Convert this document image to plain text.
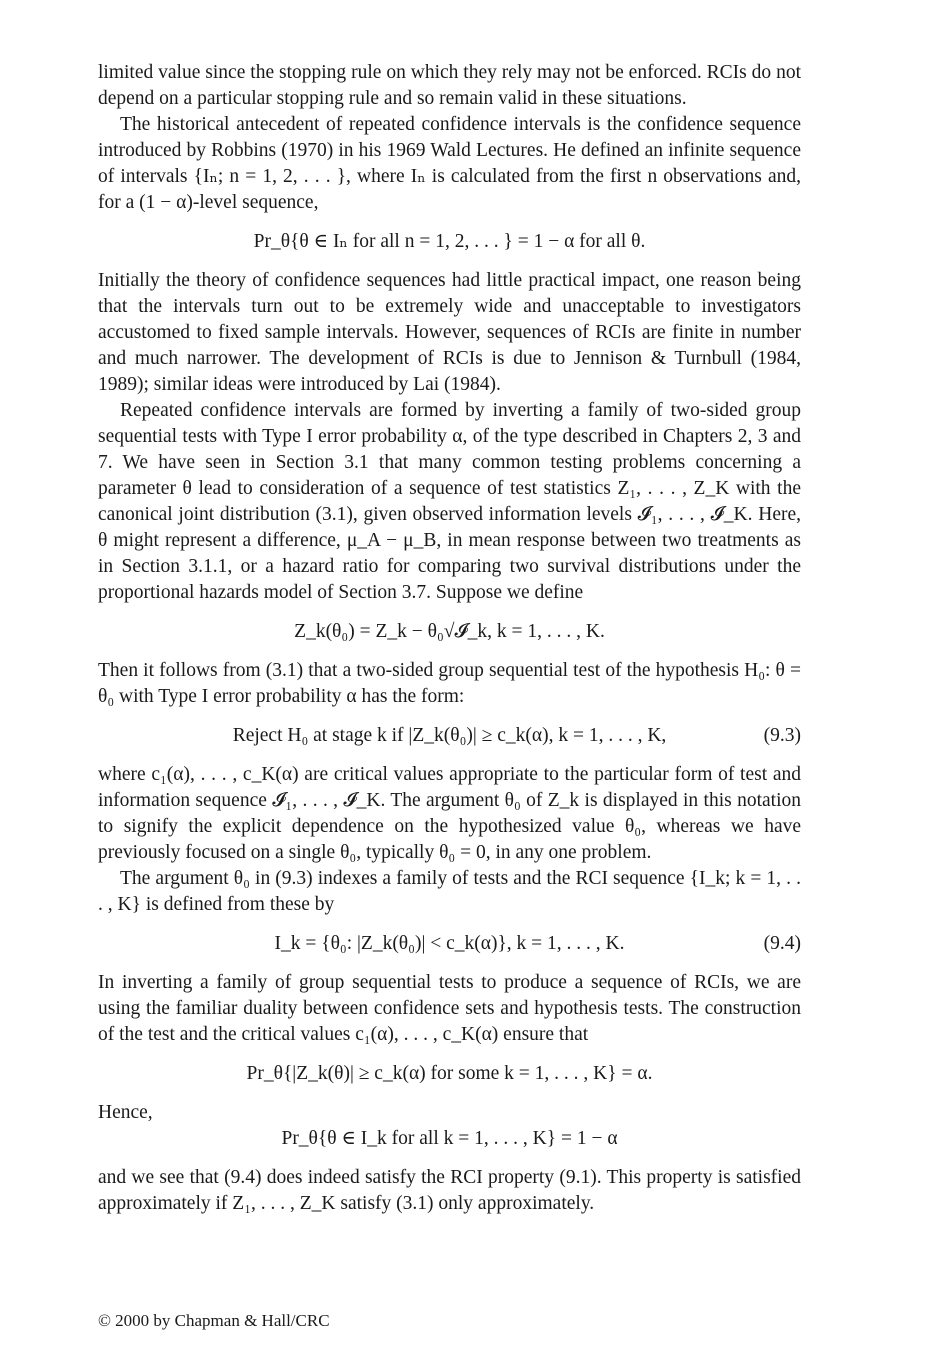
limited value since the stopping rule on which they rely may not be enforced. RCIs do not depend on a particular stopping rule and so remain valid in these situations.

The historical antecedent of repeated confidence intervals is the confidence sequence introduced by Robbins (1970) in his 1969 Wald Lectures. He defined an infinite sequence of intervals {Iₙ; n = 1, 2, . . . }, where Iₙ is calculated from the first n observations and, for a (1 − α)-level sequence,

Pr_θ{θ ∈ Iₙ for all n = 1, 2, . . . } = 1 − α for all θ.

Initially the theory of confidence sequences had little practical impact, one reason being that the intervals turn out to be extremely wide and unacceptable to investigators accustomed to fixed sample intervals. However, sequences of RCIs are finite in number and much narrower. The development of RCIs is due to Jennison & Turnbull (1984, 1989); similar ideas were introduced by Lai (1984).

Repeated confidence intervals are formed by inverting a family of two-sided group sequential tests with Type I error probability α, of the type described in Chapters 2, 3 and 7. We have seen in Section 3.1 that many common testing problems concerning a parameter θ lead to consideration of a sequence of test statistics Z₁, . . . , Z_K with the canonical joint distribution (3.1), given observed information levels 𝓘₁, . . . , 𝓘_K. Here, θ might represent a difference, μ_A − μ_B, in mean response between two treatments as in Section 3.1.1, or a hazard ratio for comparing two survival distributions under the proportional hazards model of Section 3.7. Suppose we define

Z_k(θ₀) = Z_k − θ₀√𝓘_k, k = 1, . . . , K.

Then it follows from (3.1) that a two-sided group sequential test of the hypothesis H₀: θ = θ₀ with Type I error probability α has the form:

Reject H₀ at stage k if |Z_k(θ₀)| ≥ c_k(α), k = 1, . . . , K,	(9.3)

where c₁(α), . . . , c_K(α) are critical values appropriate to the particular form of test and information sequence 𝓘₁, . . . , 𝓘_K. The argument θ₀ of Z_k is displayed in this notation to signify the explicit dependence on the hypothesized value θ₀, whereas we have previously focused on a single θ₀, typically θ₀ = 0, in any one problem.

The argument θ₀ in (9.3) indexes a family of tests and the RCI sequence {I_k; k = 1, . . . , K} is defined from these by

I_k = {θ₀: |Z_k(θ₀)| < c_k(α)}, k = 1, . . . , K.	(9.4)

In inverting a family of group sequential tests to produce a sequence of RCIs, we are using the familiar duality between confidence sets and hypothesis tests. The construction of the test and the critical values c₁(α), . . . , c_K(α) ensure that

Pr_θ{|Z_k(θ)| ≥ c_k(α) for some k = 1, . . . , K} = α.

Hence,

Pr_θ{θ ∈ I_k for all k = 1, . . . , K} = 1 − α

and we see that (9.4) does indeed satisfy the RCI property (9.1). This property is satisfied approximately if Z₁, . . . , Z_K satisfy (3.1) only approximately.

© 2000 by Chapman & Hall/CRC
